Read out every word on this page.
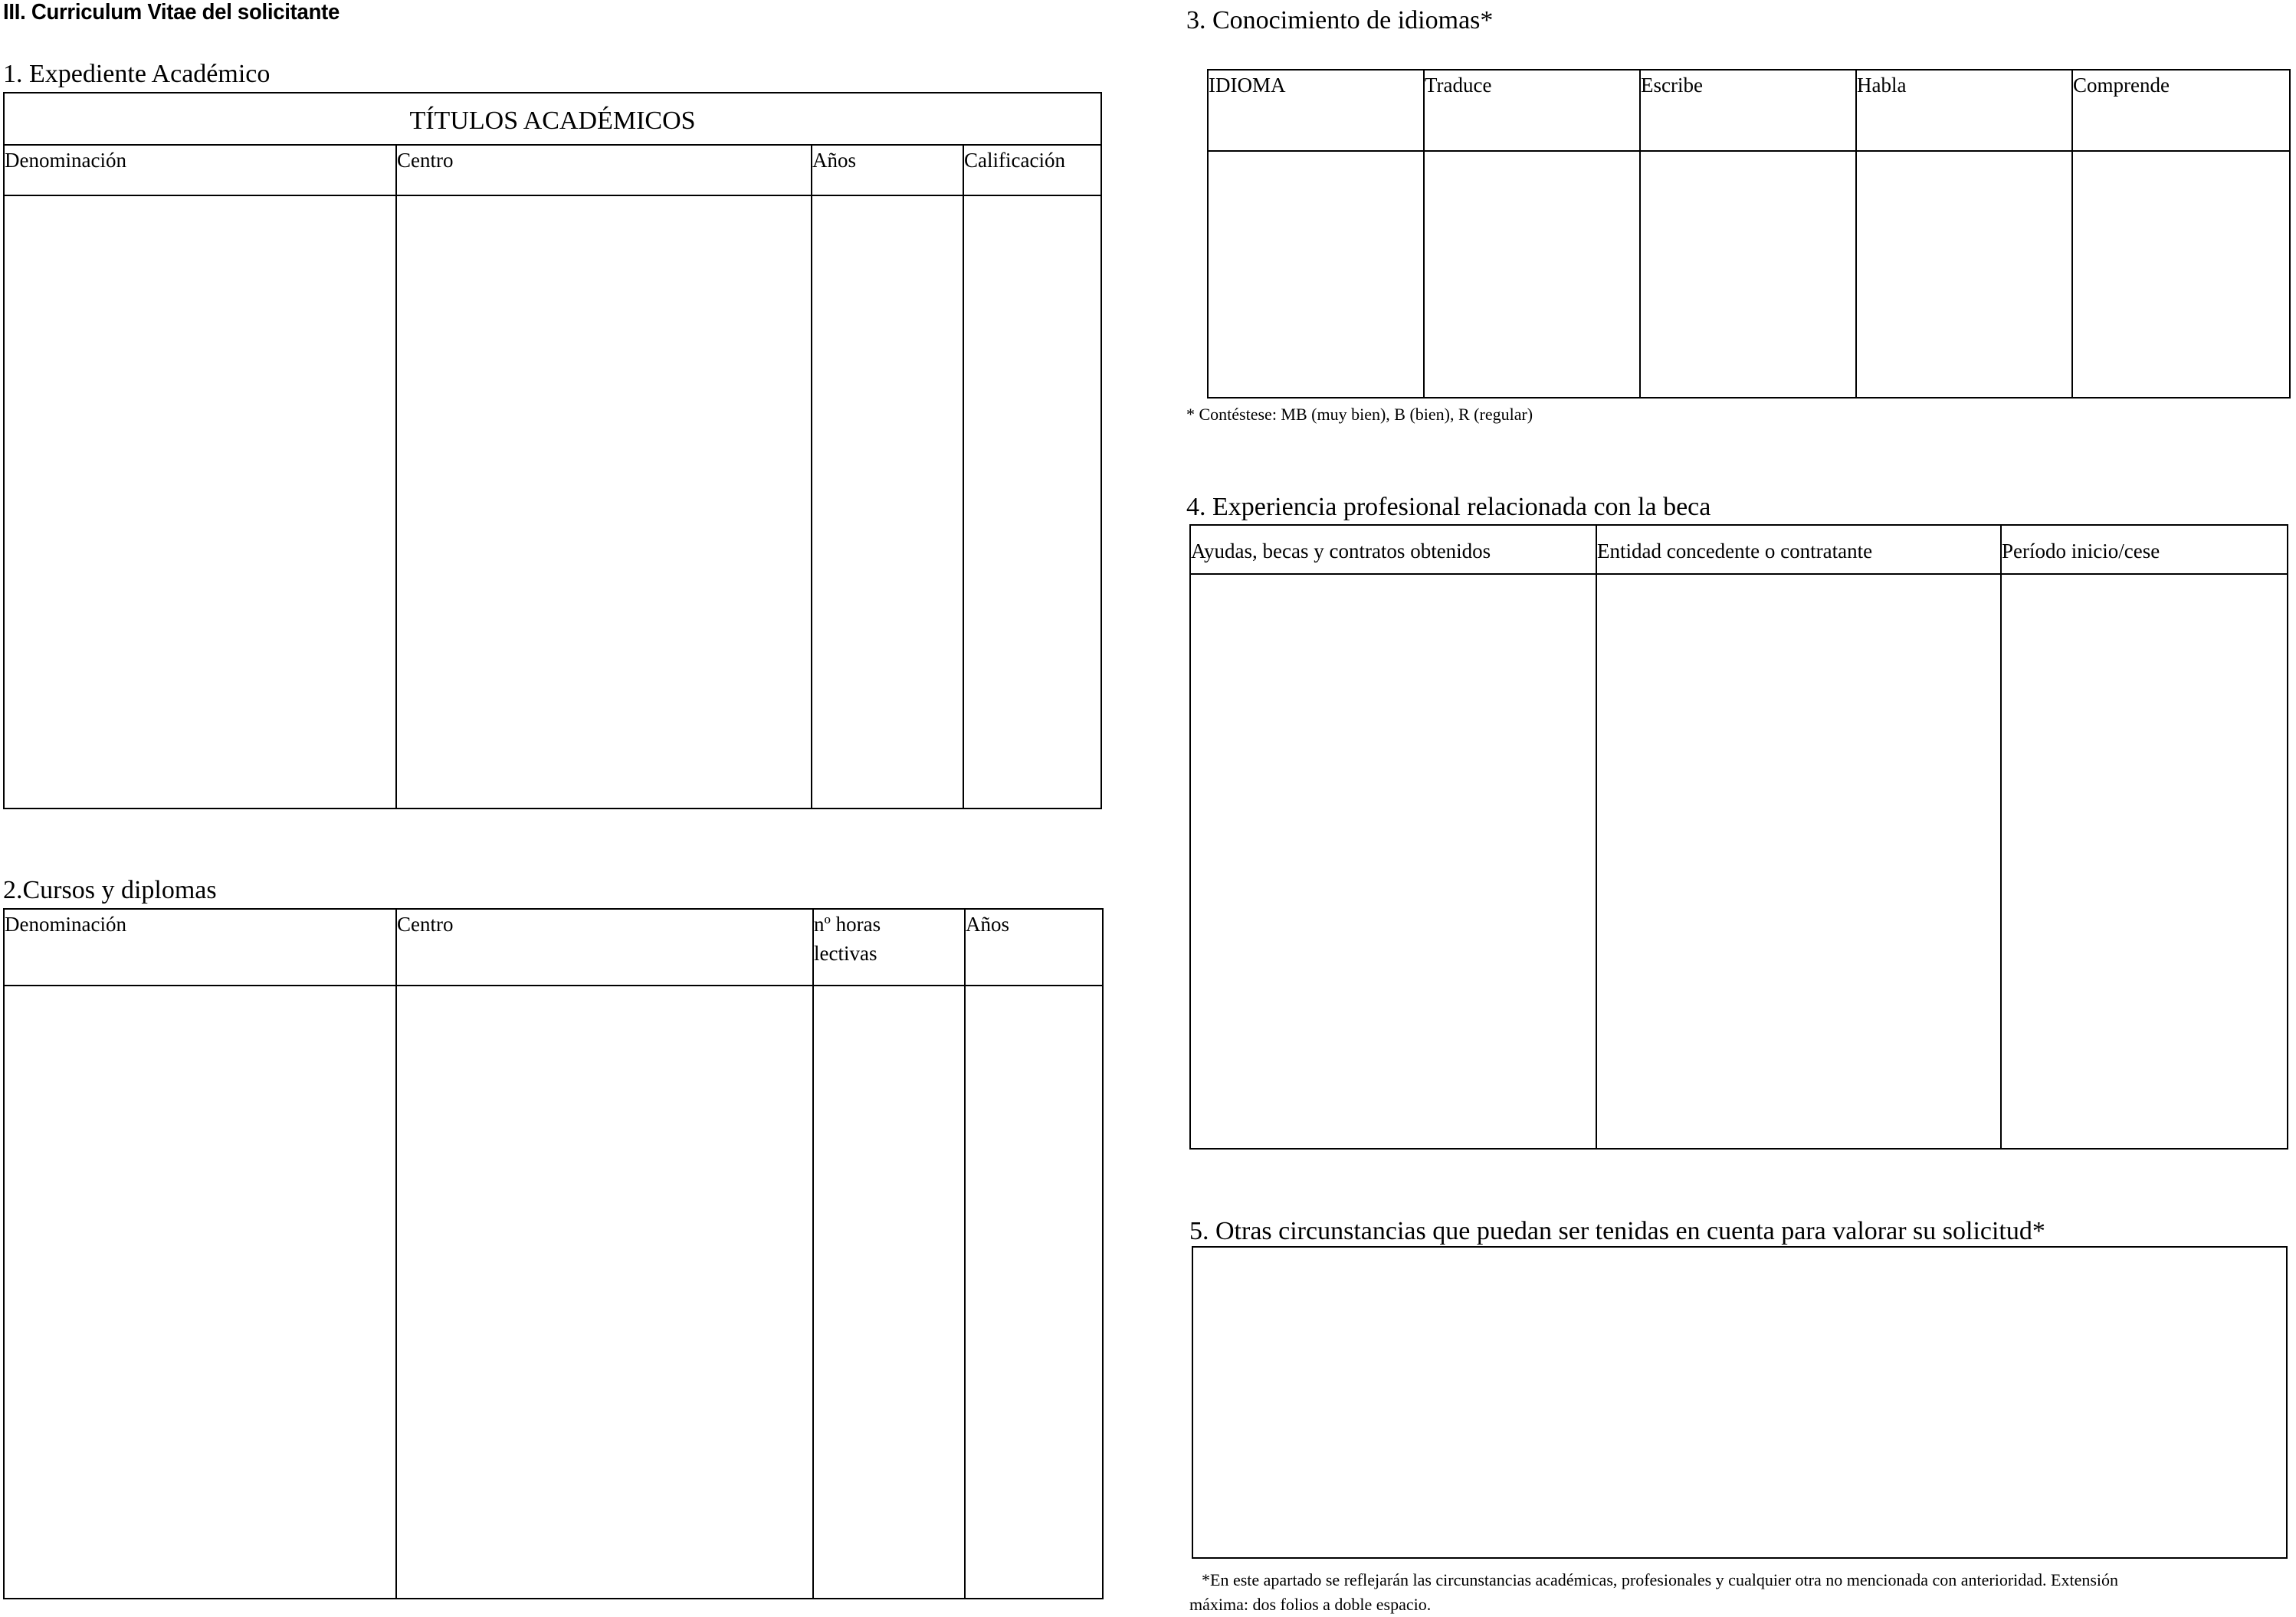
III. Curriculum Vitae del solicitante
1. Expediente Académico
TÍTULOS ACADÉMICOS			
Denominación	Centro	Años	Calificación

2.Cursos y diplomas
Denominación	Centro	nº horas lectivas	Años

3. Conocimiento de idiomas*
IDIOMA	Traduce	Escribe	Habla	Comprende

* Contéstese: MB (muy bien), B (bien), R (regular)
4. Experiencia profesional relacionada con la beca
Ayudas, becas y contratos obtenidos	Entidad concedente o contratante	Período inicio/cese

5. Otras circunstancias que puedan ser tenidas en cuenta para valorar su solicitud*
*En este apartado se reflejarán las circunstancias académicas, profesionales y cualquier otra no mencionada con anterioridad. Extensión
máxima: dos folios a doble espacio.
